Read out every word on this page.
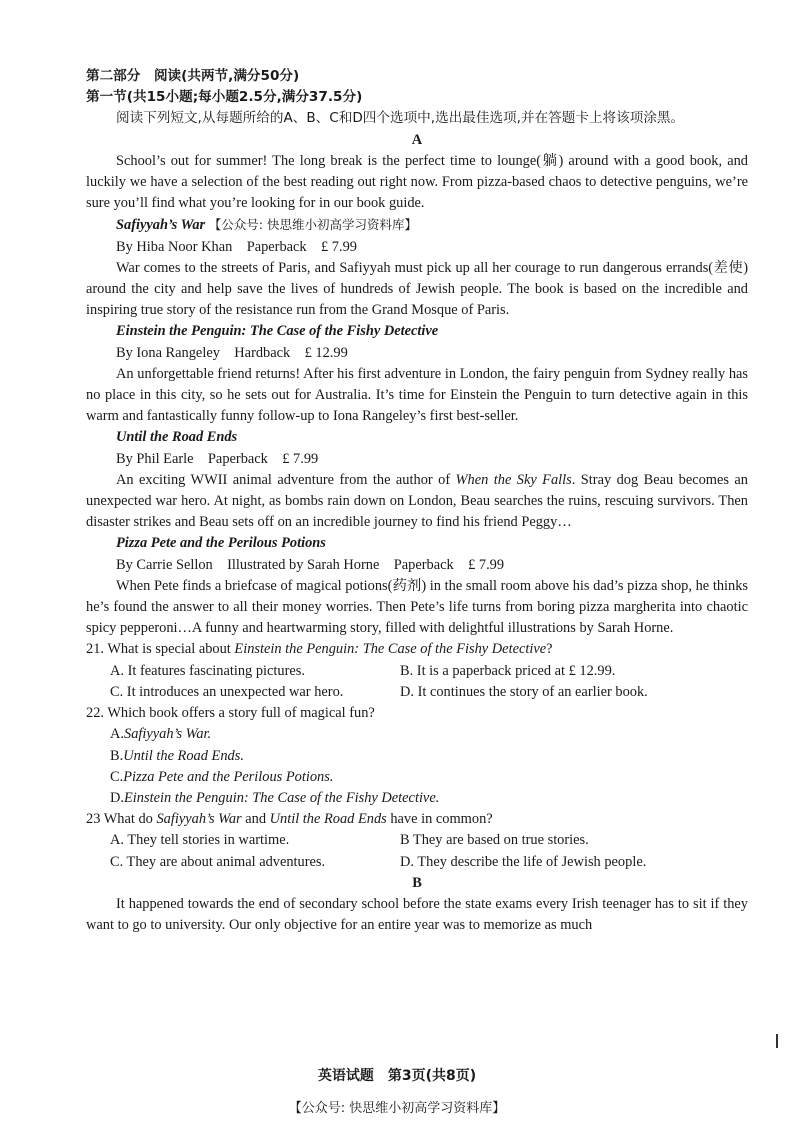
第二部分　阅读(共两节,满分50分)
第一节(共15小题;每小题2.5分,满分37.5分)

阅读下列短文,从每题所给的A、B、C和D四个选项中,选出最佳选项,并在答题卡上将该项涂黑。

A

School’s out for summer! The long break is the perfect time to lounge(躺) around with a good book, and luckily we have a selection of the best reading out right now. From pizza-based chaos to detective penguins, we’re sure you’ll find what you’re looking for in our book guide.

Safiyyah’s War 【公众号: 快思维小初高学习资料库】
By Hiba Noor Khan　Paperback　£ 7.99

War comes to the streets of Paris, and Safiyyah must pick up all her courage to run dangerous errands(差使) around the city and help save the lives of hundreds of Jewish people. The book is based on the incredible and inspiring true story of the resistance run from the Grand Mosque of Paris.

Einstein the Penguin: The Case of the Fishy Detective
By Iona Rangeley　Hardback　£ 12.99

An unforgettable friend returns! After his first adventure in London, the fairy penguin from Sydney really has no place in this city, so he sets out for Australia. It’s time for Einstein the Penguin to turn detective again in this warm and fantastically funny follow-up to Iona Rangeley’s first best-seller.

Until the Road Ends
By Phil Earle　Paperback　£ 7.99

An exciting WWII animal adventure from the author of When the Sky Falls. Stray dog Beau becomes an unexpected war hero. At night, as bombs rain down on London, Beau searches the ruins, rescuing survivors. Then disaster strikes and Beau sets off on an incredible journey to find his friend Peggy…

Pizza Pete and the Perilous Potions
By Carrie Sellon　Illustrated by Sarah Horne　Paperback　£ 7.99

When Pete finds a briefcase of magical potions(药剂) in the small room above his dad’s pizza shop, he thinks he’s found the answer to all their money worries. Then Pete’s life turns from boring pizza margherita into chaotic spicy pepperoni…A funny and heartwarming story, filled with delightful illustrations by Sarah Horne.

21. What is special about Einstein the Penguin: The Case of the Fishy Detective?
A. It features fascinating pictures.	B. It is a paperback priced at £ 12.99.
C. It introduces an unexpected war hero.	D. It continues the story of an earlier book.
22. Which book offers a story full of magical fun?
A. Safiyyah’s War.
B. Until the Road Ends.
C. Pizza Pete and the Perilous Potions.
D. Einstein the Penguin: The Case of the Fishy Detective.
23 What do Safiyyah’s War and Until the Road Ends have in common?
A. They tell stories in wartime.	B They are based on true stories.
C. They are about animal adventures.	D. They describe the life of Jewish people.
B

It happened towards the end of secondary school before the state exams every Irish teenager has to sit if they want to go to university. Our only objective for an entire year was to memorize as much

英语试题　第3页(共8页)
【公众号: 快思维小初高学习资料库】
